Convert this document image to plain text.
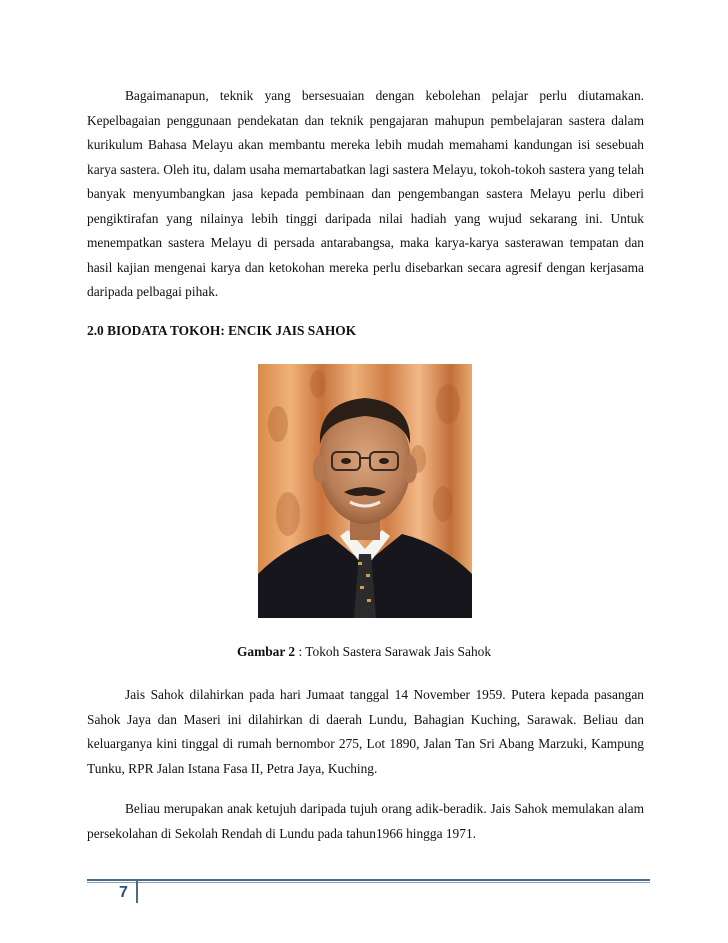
Bagaimanapun, teknik yang bersesuaian dengan kebolehan pelajar perlu diutamakan. Kepelbagaian penggunaan pendekatan dan teknik pengajaran mahupun pembelajaran sastera dalam kurikulum Bahasa Melayu akan membantu mereka lebih mudah memahami kandungan isi sesebuah karya sastera. Oleh itu, dalam usaha memartabatkan lagi sastera Melayu, tokoh-tokoh sastera yang telah banyak menyumbangkan jasa kepada pembinaan dan pengembangan sastera Melayu perlu diberi pengiktirafan yang nilainya lebih tinggi daripada nilai hadiah yang wujud sekarang ini. Untuk menempatkan sastera Melayu di persada antarabangsa, maka karya-karya sasterawan tempatan dan hasil kajian mengenai karya dan ketokohan mereka perlu disebarkan secara agresif dengan kerjasama daripada pelbagai pihak.

2.0 BIODATA TOKOH: ENCIK JAIS SAHOK

Gambar 2 : Tokoh Sastera Sarawak Jais Sahok

Jais Sahok dilahirkan pada hari Jumaat tanggal 14 November 1959. Putera kepada pasangan Sahok Jaya dan Maseri ini dilahirkan di daerah Lundu, Bahagian Kuching, Sarawak. Beliau dan keluarganya kini tinggal di rumah bernombor 275, Lot 1890, Jalan Tan Sri Abang Marzuki, Kampung Tunku, RPR Jalan Istana Fasa II, Petra Jaya, Kuching.

Beliau merupakan anak ketujuh daripada tujuh orang adik-beradik. Jais Sahok memulakan alam persekolahan di Sekolah Rendah di Lundu pada tahun1966 hingga 1971.

7
